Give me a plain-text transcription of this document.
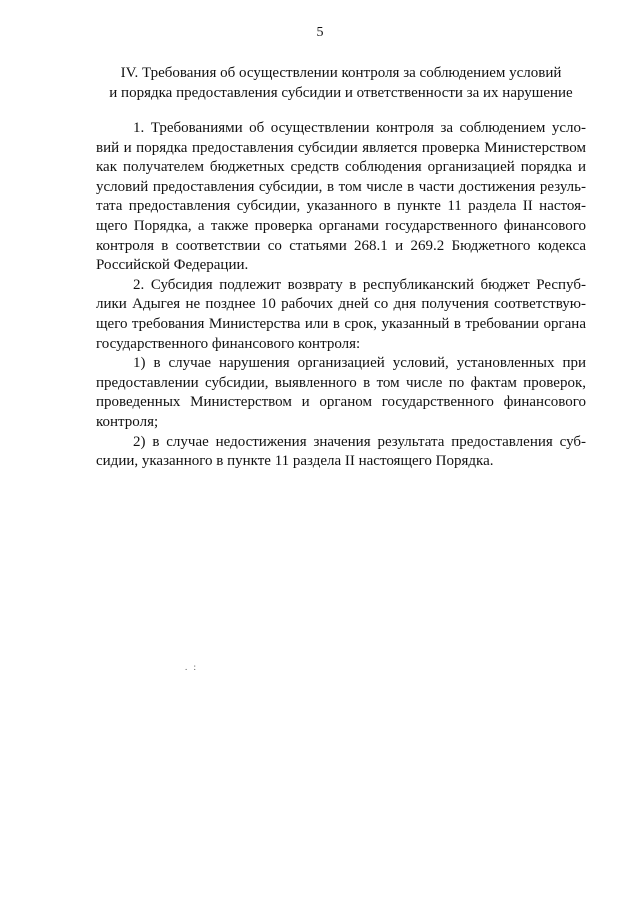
5
IV. Требования об осуществлении контроля за соблюдением условий
и порядка предоставления субсидии и ответственности за их нарушение

1. Требованиями об осуществлении контроля за соблюдением усло-
вий и порядка предоставления субсидии является проверка Министерством
как получателем бюджетных средств соблюдения организацией порядка и
условий предоставления субсидии, в том числе в части достижения резуль-
тата предоставления субсидии, указанного в пункте 11 раздела II настоя-
щего Порядка, а также проверка органами государственного финансового
контроля в соответствии со статьями 268.1 и 269.2 Бюджетного кодекса
Российской Федерации.

2. Субсидия подлежит возврату в республиканский бюджет Респуб-
лики Адыгея не позднее 10 рабочих дней со дня получения соответствую-
щего требования Министерства или в срок, указанный в требовании органа
государственного финансового контроля:

1) в случае нарушения организацией условий, установленных при
предоставлении субсидии, выявленного в том числе по фактам проверок,
проведенных Министерством и органом государственного финансового
контроля;

2) в случае недостижения значения результата предоставления суб-
сидии, указанного в пункте 11 раздела II настоящего Порядка.

. :
